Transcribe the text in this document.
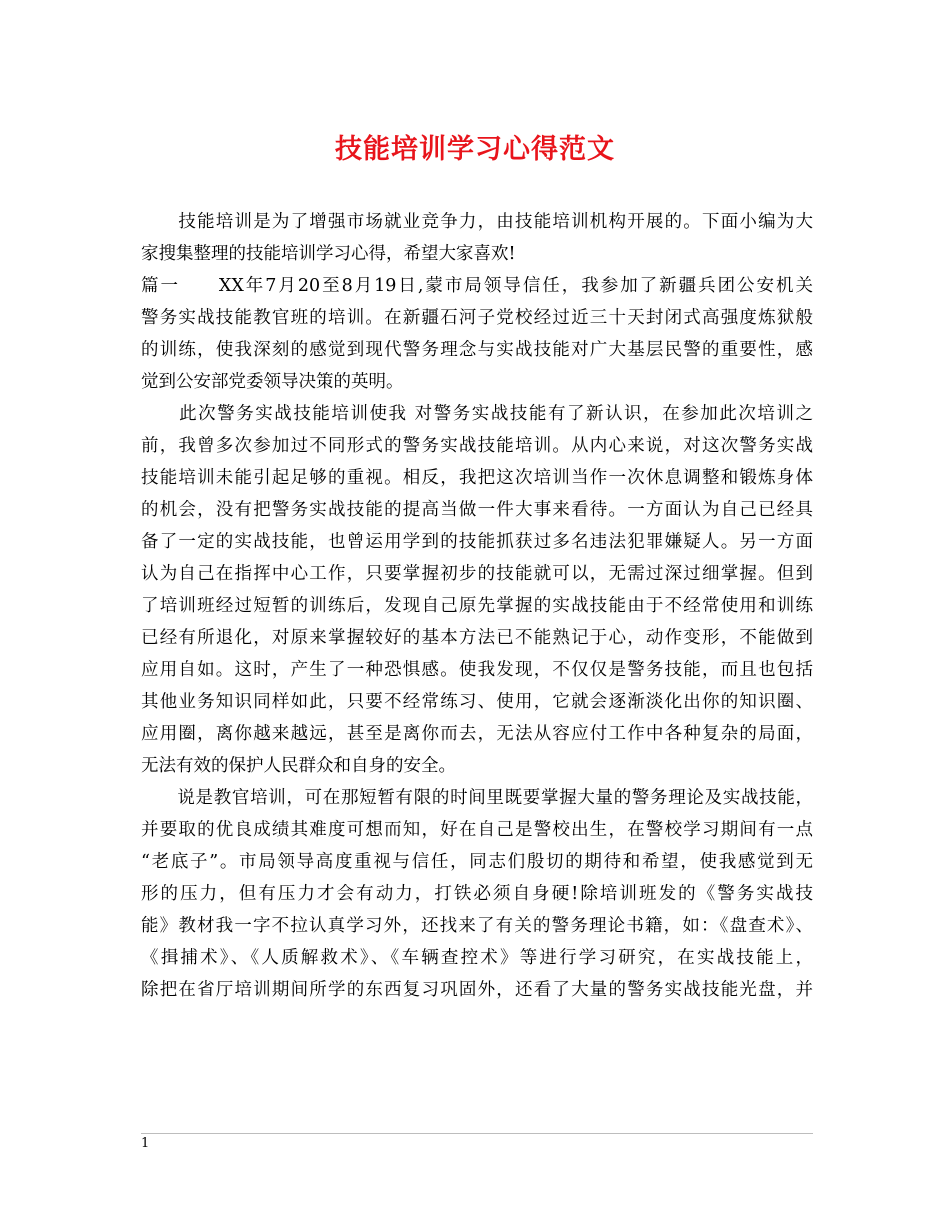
技能培训学习心得范文
　　技能培训是为了增强市场就业竞争力，由技能培训机构开展的。下面小编为大
家搜集整理的技能培训学习心得，希望大家喜欢!
篇一　　XX年7月20至8月19日,蒙市局领导信任，我参加了新疆兵团公安机关
警务实战技能教官班的培训。在新疆石河子党校经过近三十天封闭式高强度炼狱般
的训练，使我深刻的感觉到现代警务理念与实战技能对广大基层民警的重要性，感
觉到公安部党委领导决策的英明。
　　此次警务实战技能培训使我 对警务实战技能有了新认识，在参加此次培训之
前，我曾多次参加过不同形式的警务实战技能培训。从内心来说，对这次警务实战
技能培训未能引起足够的重视。相反，我把这次培训当作一次休息调整和锻炼身体
的机会，没有把警务实战技能的提高当做一件大事来看待。一方面认为自己已经具
备了一定的实战技能，也曾运用学到的技能抓获过多名违法犯罪嫌疑人。另一方面
认为自己在指挥中心工作，只要掌握初步的技能就可以，无需过深过细掌握。但到
了培训班经过短暂的训练后，发现自己原先掌握的实战技能由于不经常使用和训练
已经有所退化，对原来掌握较好的基本方法已不能熟记于心，动作变形，不能做到
应用自如。这时，产生了一种恐惧感。使我发现，不仅仅是警务技能，而且也包括
其他业务知识同样如此，只要不经常练习、使用，它就会逐渐淡化出你的知识圈、
应用圈，离你越来越远，甚至是离你而去，无法从容应付工作中各种复杂的局面，
无法有效的保护人民群众和自身的安全。
　　说是教官培训，可在那短暂有限的时间里既要掌握大量的警务理论及实战技能，
并要取的优良成绩其难度可想而知，好在自己是警校出生，在警校学习期间有一点
“老底子”。市局领导高度重视与信任，同志们殷切的期待和希望，使我感觉到无
形的压力，但有压力才会有动力，打铁必须自身硬!除培训班发的《警务实战技
能》教材我一字不拉认真学习外，还找来了有关的警务理论书籍，如：《盘查术》、
《揖捕术》、《人质解救术》、《车辆查控术》等进行学习研究，在实战技能上，
除把在省厅培训期间所学的东西复习巩固外，还看了大量的警务实战技能光盘，并
1
